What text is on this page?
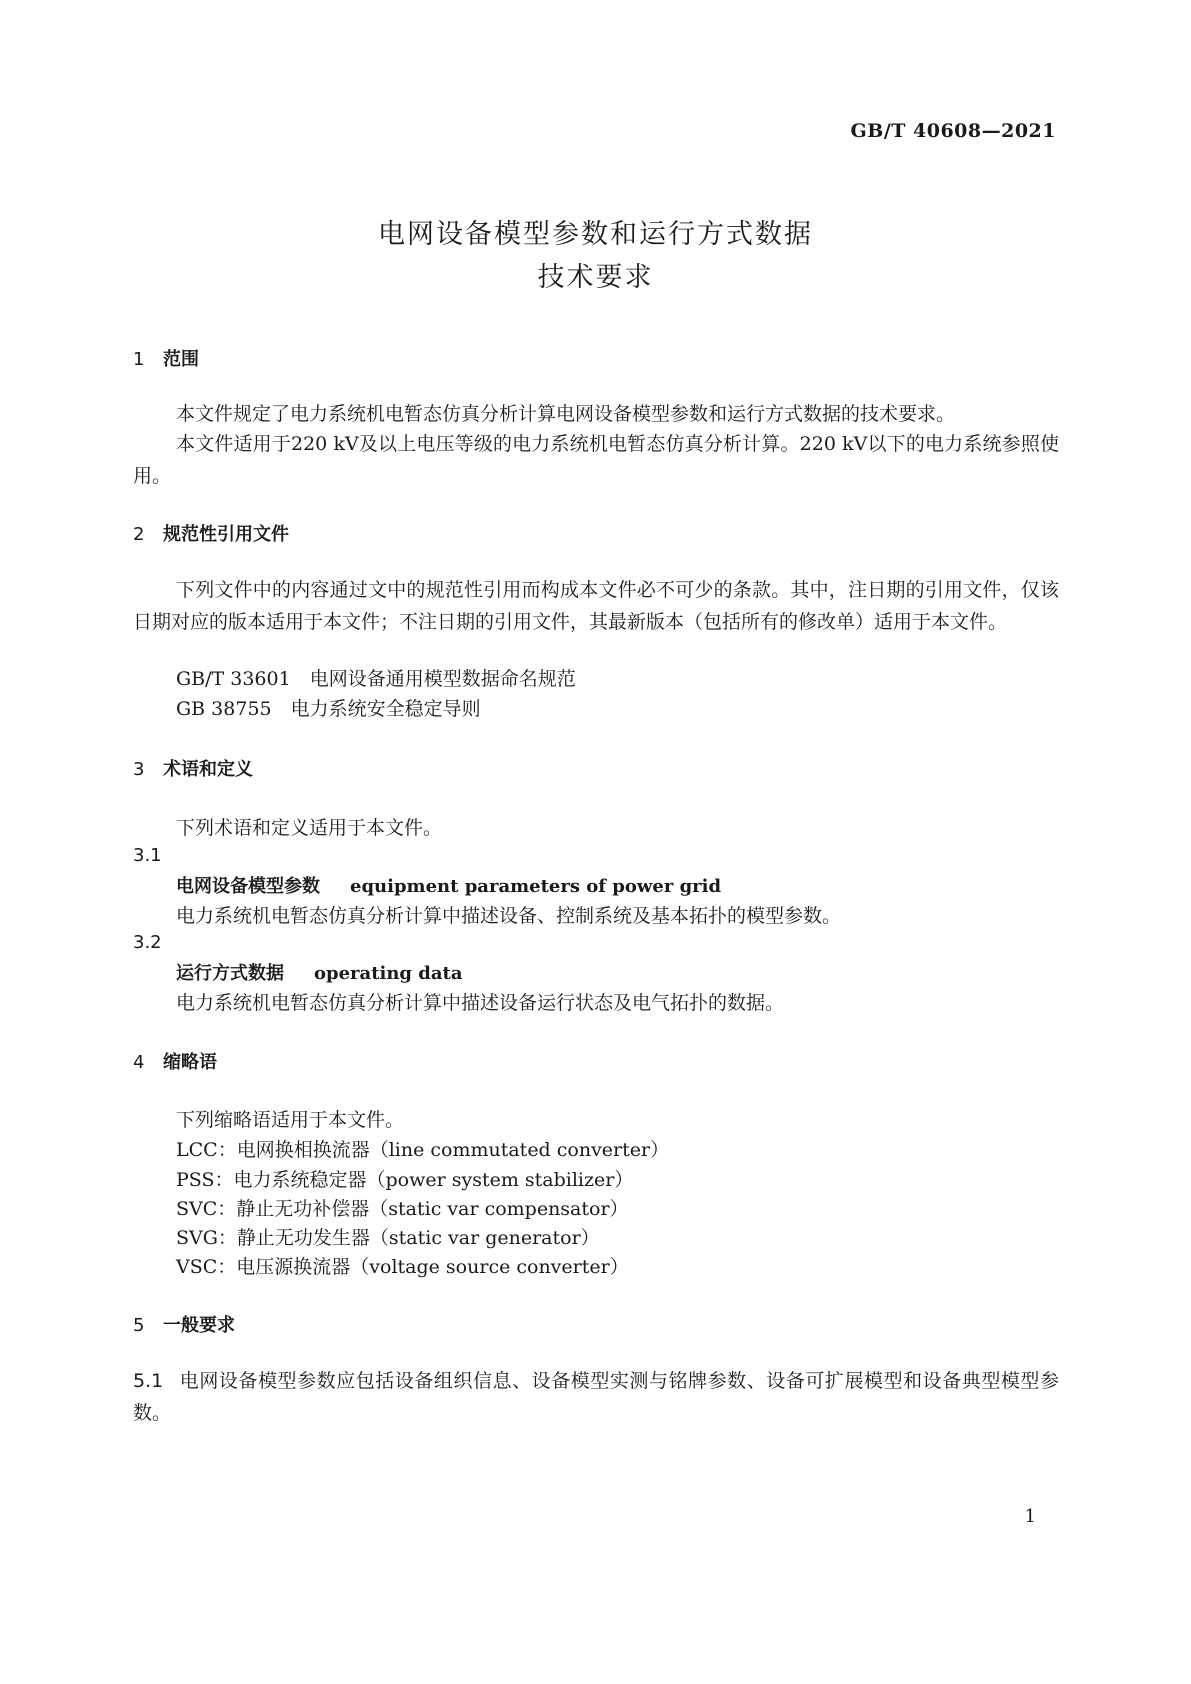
GB/T 40608—2021
电网设备模型参数和运行方式数据
技术要求
1 范围
本文件规定了电力系统机电暂态仿真分析计算电网设备模型参数和运行方式数据的技术要求。
本文件适用于220 kV及以上电压等级的电力系统机电暂态仿真分析计算。220 kV以下的电力系统参照使用。
2 规范性引用文件
下列文件中的内容通过文中的规范性引用而构成本文件必不可少的条款。其中，注日期的引用文件，仅该日期对应的版本适用于本文件；不注日期的引用文件，其最新版本（包括所有的修改单）适用于本文件。
GB/T 33601　电网设备通用模型数据命名规范
GB 38755　电力系统安全稳定导则
3 术语和定义
下列术语和定义适用于本文件。
3.1
电网设备模型参数 equipment parameters of power grid
电力系统机电暂态仿真分析计算中描述设备、控制系统及基本拓扑的模型参数。
3.2
运行方式数据 operating data
电力系统机电暂态仿真分析计算中描述设备运行状态及电气拓扑的数据。
4 缩略语
下列缩略语适用于本文件。
LCC：电网换相换流器（line commutated converter）
PSS：电力系统稳定器（power system stabilizer）
SVC：静止无功补偿器（static var compensator）
SVG：静止无功发生器（static var generator）
VSC：电压源换流器（voltage source converter）
5 一般要求
5.1 电网设备模型参数应包括设备组织信息、设备模型实测与铭牌参数、设备可扩展模型和设备典型模型参数。
1
